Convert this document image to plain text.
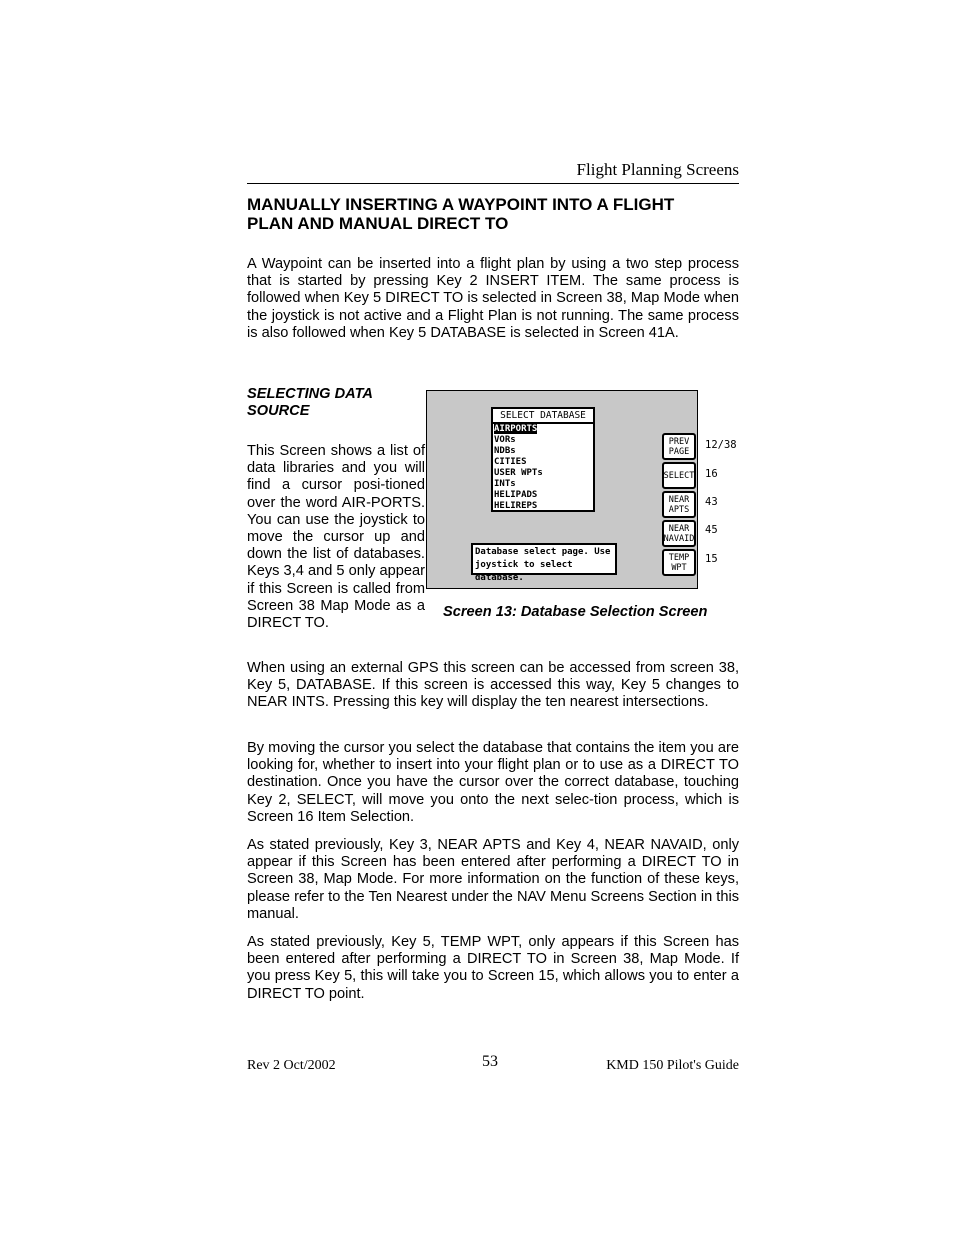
Flight Planning Screens
MANUALLY INSERTING A WAYPOINT INTO A FLIGHT
PLAN AND MANUAL DIRECT TO
A Waypoint can be inserted into a flight plan by using a two step process that is started by pressing Key 2 INSERT ITEM. The same process is followed when Key 5 DIRECT TO is selected in Screen 38, Map Mode when the joystick is not active and a Flight Plan is not running. The same process is also followed when Key 5 DATABASE is selected in Screen 41A.
SELECTING DATA
SOURCE
This Screen shows a list of data libraries and you will find a cursor posi-tioned over the word AIR-PORTS. You can use the joystick to move the cursor up and down the list of databases. Keys 3,4 and 5 only appear if this Screen is called from Screen 38 Map Mode as a DIRECT TO.
SELECT DATABASE
AIRPORTS
VORs
NDBs
CITIES
USER WPTs
INTs
HELIPADS
HELIREPS
Database select page. Use
joystick to select database.
PREV
PAGE
SELECT
NEAR
APTS
NEAR
NAVAID
TEMP
WPT
12/38
16
43
45
15
Screen 13: Database Selection Screen
When using an external GPS this screen can be accessed from screen 38, Key 5, DATABASE. If this screen is accessed this way, Key 5 changes to NEAR INTS. Pressing this key will display the ten nearest intersections.
By moving the cursor you select the database that contains the item you are looking for, whether to insert into your flight plan or to use as a DIRECT TO destination. Once you have the cursor over the correct database, touching Key 2, SELECT, will move you onto the next selec-tion process, which is Screen 16 Item Selection.
As stated previously, Key 3, NEAR APTS and Key 4, NEAR NAVAID, only appear if this Screen has been entered after performing a DIRECT TO in Screen 38, Map Mode. For more information on the function of these keys, please refer to the Ten Nearest under the NAV Menu Screens Section in this manual.
As stated previously, Key 5, TEMP WPT, only appears if this Screen has been entered after performing a DIRECT TO in Screen 38, Map Mode. If you press Key 5, this will take you to Screen 15, which allows you to enter a DIRECT TO point.
Rev 2 Oct/2002	53	KMD 150 Pilot's Guide
